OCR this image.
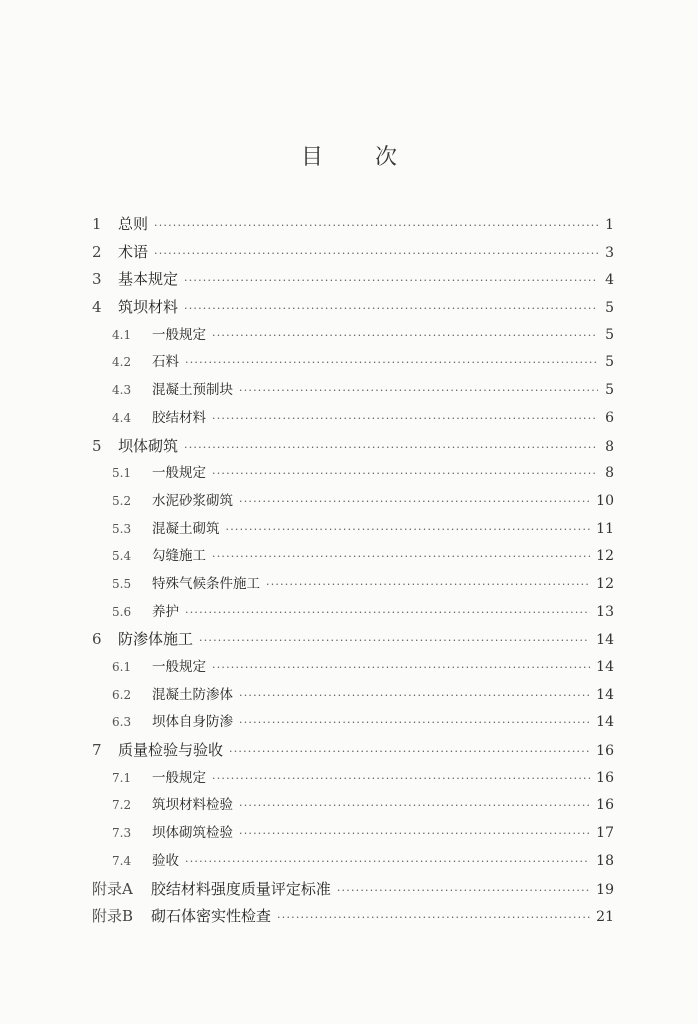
目 次
1	总则 ·····	1
2	术语 ·····	3
3	基本规定 ·····	4
4	筑坝材料 ·····	5
4.1	一般规定 ·····	5
4.2	石料 ·····	5
4.3	混凝土预制块 ·····	5
4.4	胶结材料 ·····	6
5	坝体砌筑 ·····	8
5.1	一般规定 ·····	8
5.2	水泥砂浆砌筑 ·····	10
5.3	混凝土砌筑 ·····	11
5.4	勾缝施工 ·····	12
5.5	特殊气候条件施工 ·····	12
5.6	养护 ·····	13
6	防渗体施工 ·····	14
6.1	一般规定 ·····	14
6.2	混凝土防渗体 ·····	14
6.3	坝体自身防渗 ·····	14
7	质量检验与验收 ·····	16
7.1	一般规定 ·····	16
7.2	筑坝材料检验 ·····	16
7.3	坝体砌筑检验 ·····	17
7.4	验收 ·····	18
附录A 胶结材料强度质量评定标准 ·····	19
附录B 砌石体密实性检查 ·····	21
